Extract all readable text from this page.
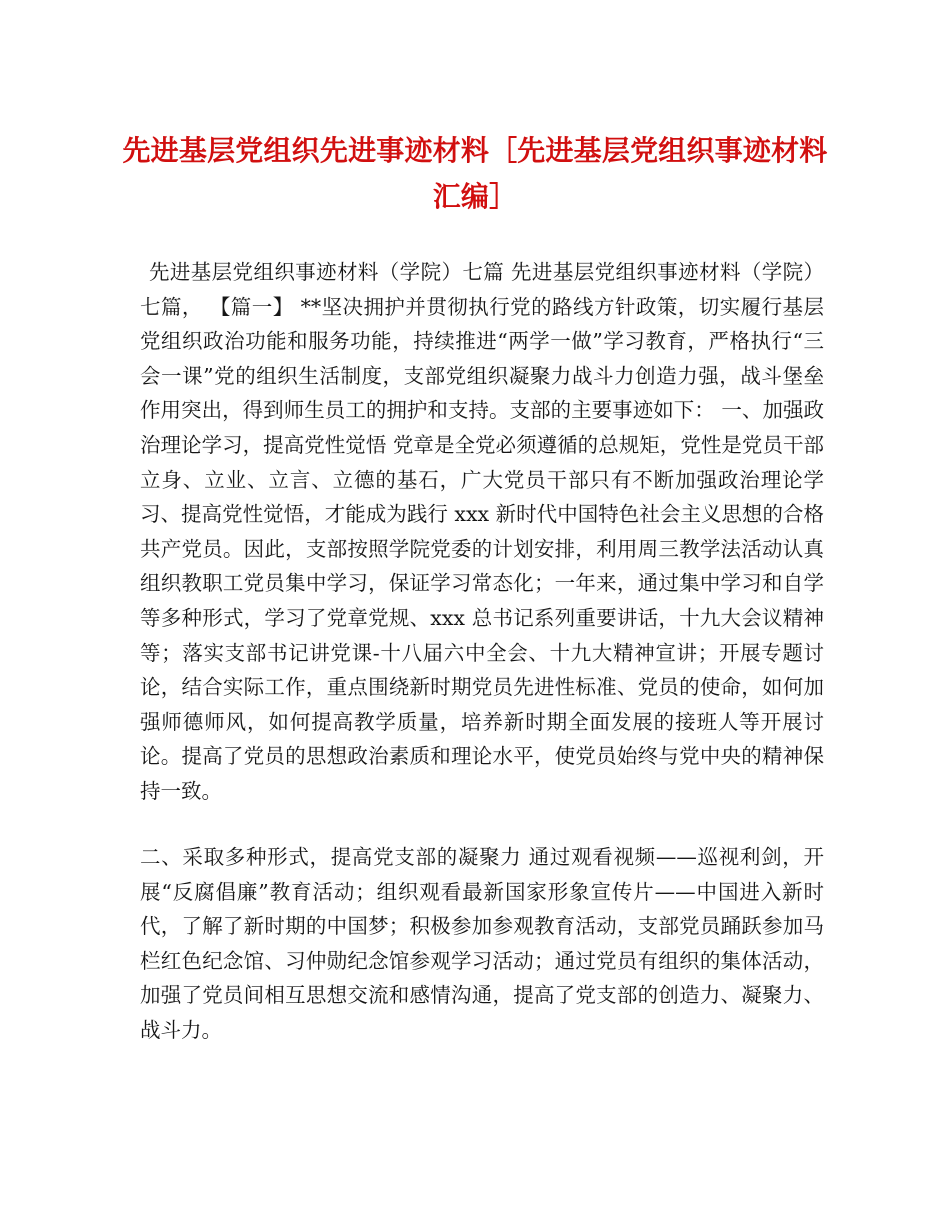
先进基层党组织先进事迹材料［先进基层党组织事迹材料汇编］

先进基层党组织事迹材料（学院）七篇 先进基层党组织事迹材料（学院）七篇， 【篇一】 **坚决拥护并贯彻执行党的路线方针政策，切实履行基层党组织政治功能和服务功能，持续推进“两学一做”学习教育，严格执行“三会一课”党的组织生活制度，支部党组织凝聚力战斗力创造力强，战斗堡垒作用突出，得到师生员工的拥护和支持。支部的主要事迹如下： 一、加强政治理论学习，提高党性觉悟 党章是全党必须遵循的总规矩，党性是党员干部立身、立业、立言、立德的基石，广大党员干部只有不断加强政治理论学习、提高党性觉悟，才能成为践行 xxx 新时代中国特色社会主义思想的合格共产党员。因此，支部按照学院党委的计划安排，利用周三教学法活动认真组织教职工党员集中学习，保证学习常态化；一年来，通过集中学习和自学等多种形式，学习了党章党规、xxx 总书记系列重要讲话，十九大会议精神等；落实支部书记讲党课-十八届六中全会、十九大精神宣讲；开展专题讨论，结合实际工作，重点围绕新时期党员先进性标准、党员的使命，如何加强师德师风，如何提高教学质量，培养新时期全面发展的接班人等开展讨论。提高了党员的思想政治素质和理论水平，使党员始终与党中央的精神保持一致。

二、采取多种形式，提高党支部的凝聚力 通过观看视频——巡视利剑，开展“反腐倡廉”教育活动；组织观看最新国家形象宣传片——中国进入新时代，了解了新时期的中国梦；积极参加参观教育活动，支部党员踊跃参加马栏红色纪念馆、习仲勋纪念馆参观学习活动；通过党员有组织的集体活动，加强了党员间相互思想交流和感情沟通，提高了党支部的创造力、凝聚力、战斗力。
